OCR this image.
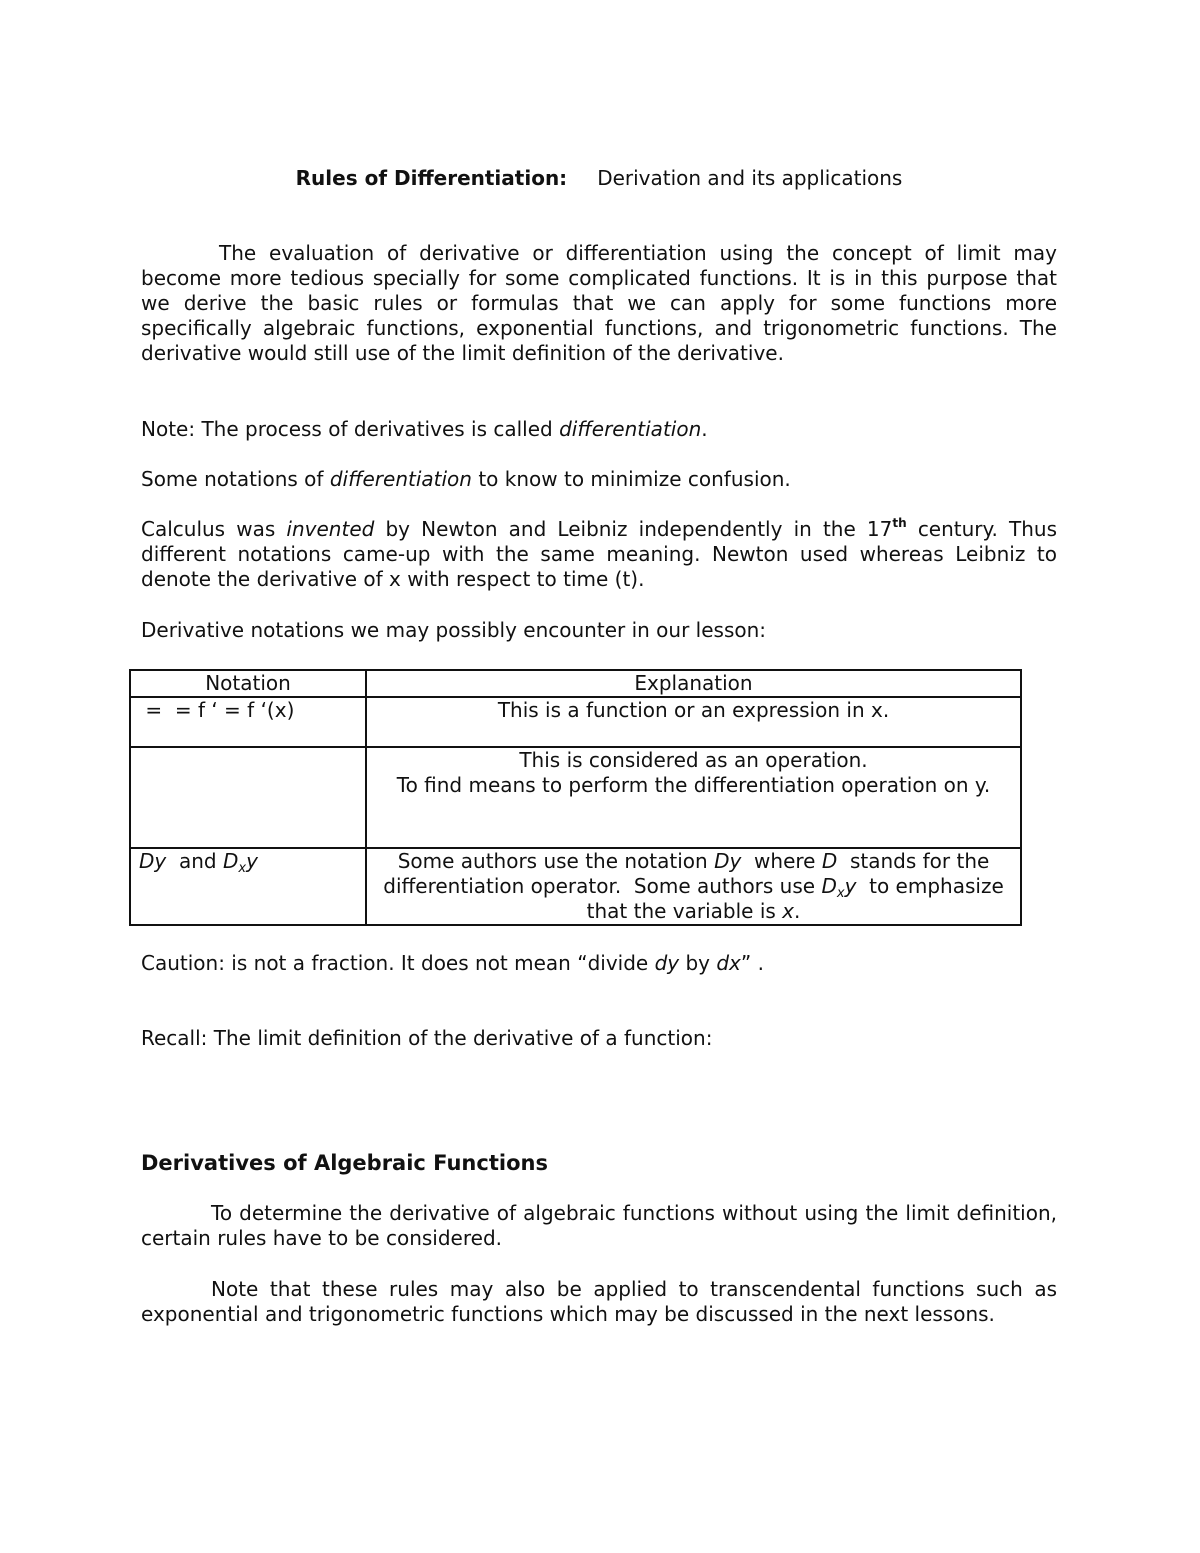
Rules of Differentiation: Derivation and its applications
The evaluation of derivative or differentiation using the concept of limit may become more tedious specially for some complicated functions. It is in this purpose that we derive the basic rules or formulas that we can apply for some functions more specifically algebraic functions, exponential functions, and trigonometric functions. The derivative would still use of the limit definition of the derivative.
Note: The process of derivatives is called differentiation.
Some notations of differentiation to know to minimize confusion.
Calculus was invented by Newton and Leibniz independently in the 17th century. Thus different notations came-up with the same meaning. Newton used whereas Leibniz to denote the derivative of x with respect to time (t).
Derivative notations we may possibly encounter in our lesson:
Caution: is not a fraction. It does not mean “divide dy by dx” .
Recall: The limit definition of the derivative of a function:
Derivatives of Algebraic Functions
To determine the derivative of algebraic functions without using the limit definition, certain rules have to be considered.
Note that these rules may also be applied to transcendental functions such as exponential and trigonometric functions which may be discussed in the next lessons.
Notation	Explanation
=  = f ‘ = f ‘(x)	This is a function or an expression in x.

	This is considered as an operation.
To find means to perform the differentiation operation on y.

Dy  and $D_xy$	Some authors use the notation Dy  where D  stands for the differentiation operator.  Some authors use $D_xy$  to emphasize that the variable is x.
